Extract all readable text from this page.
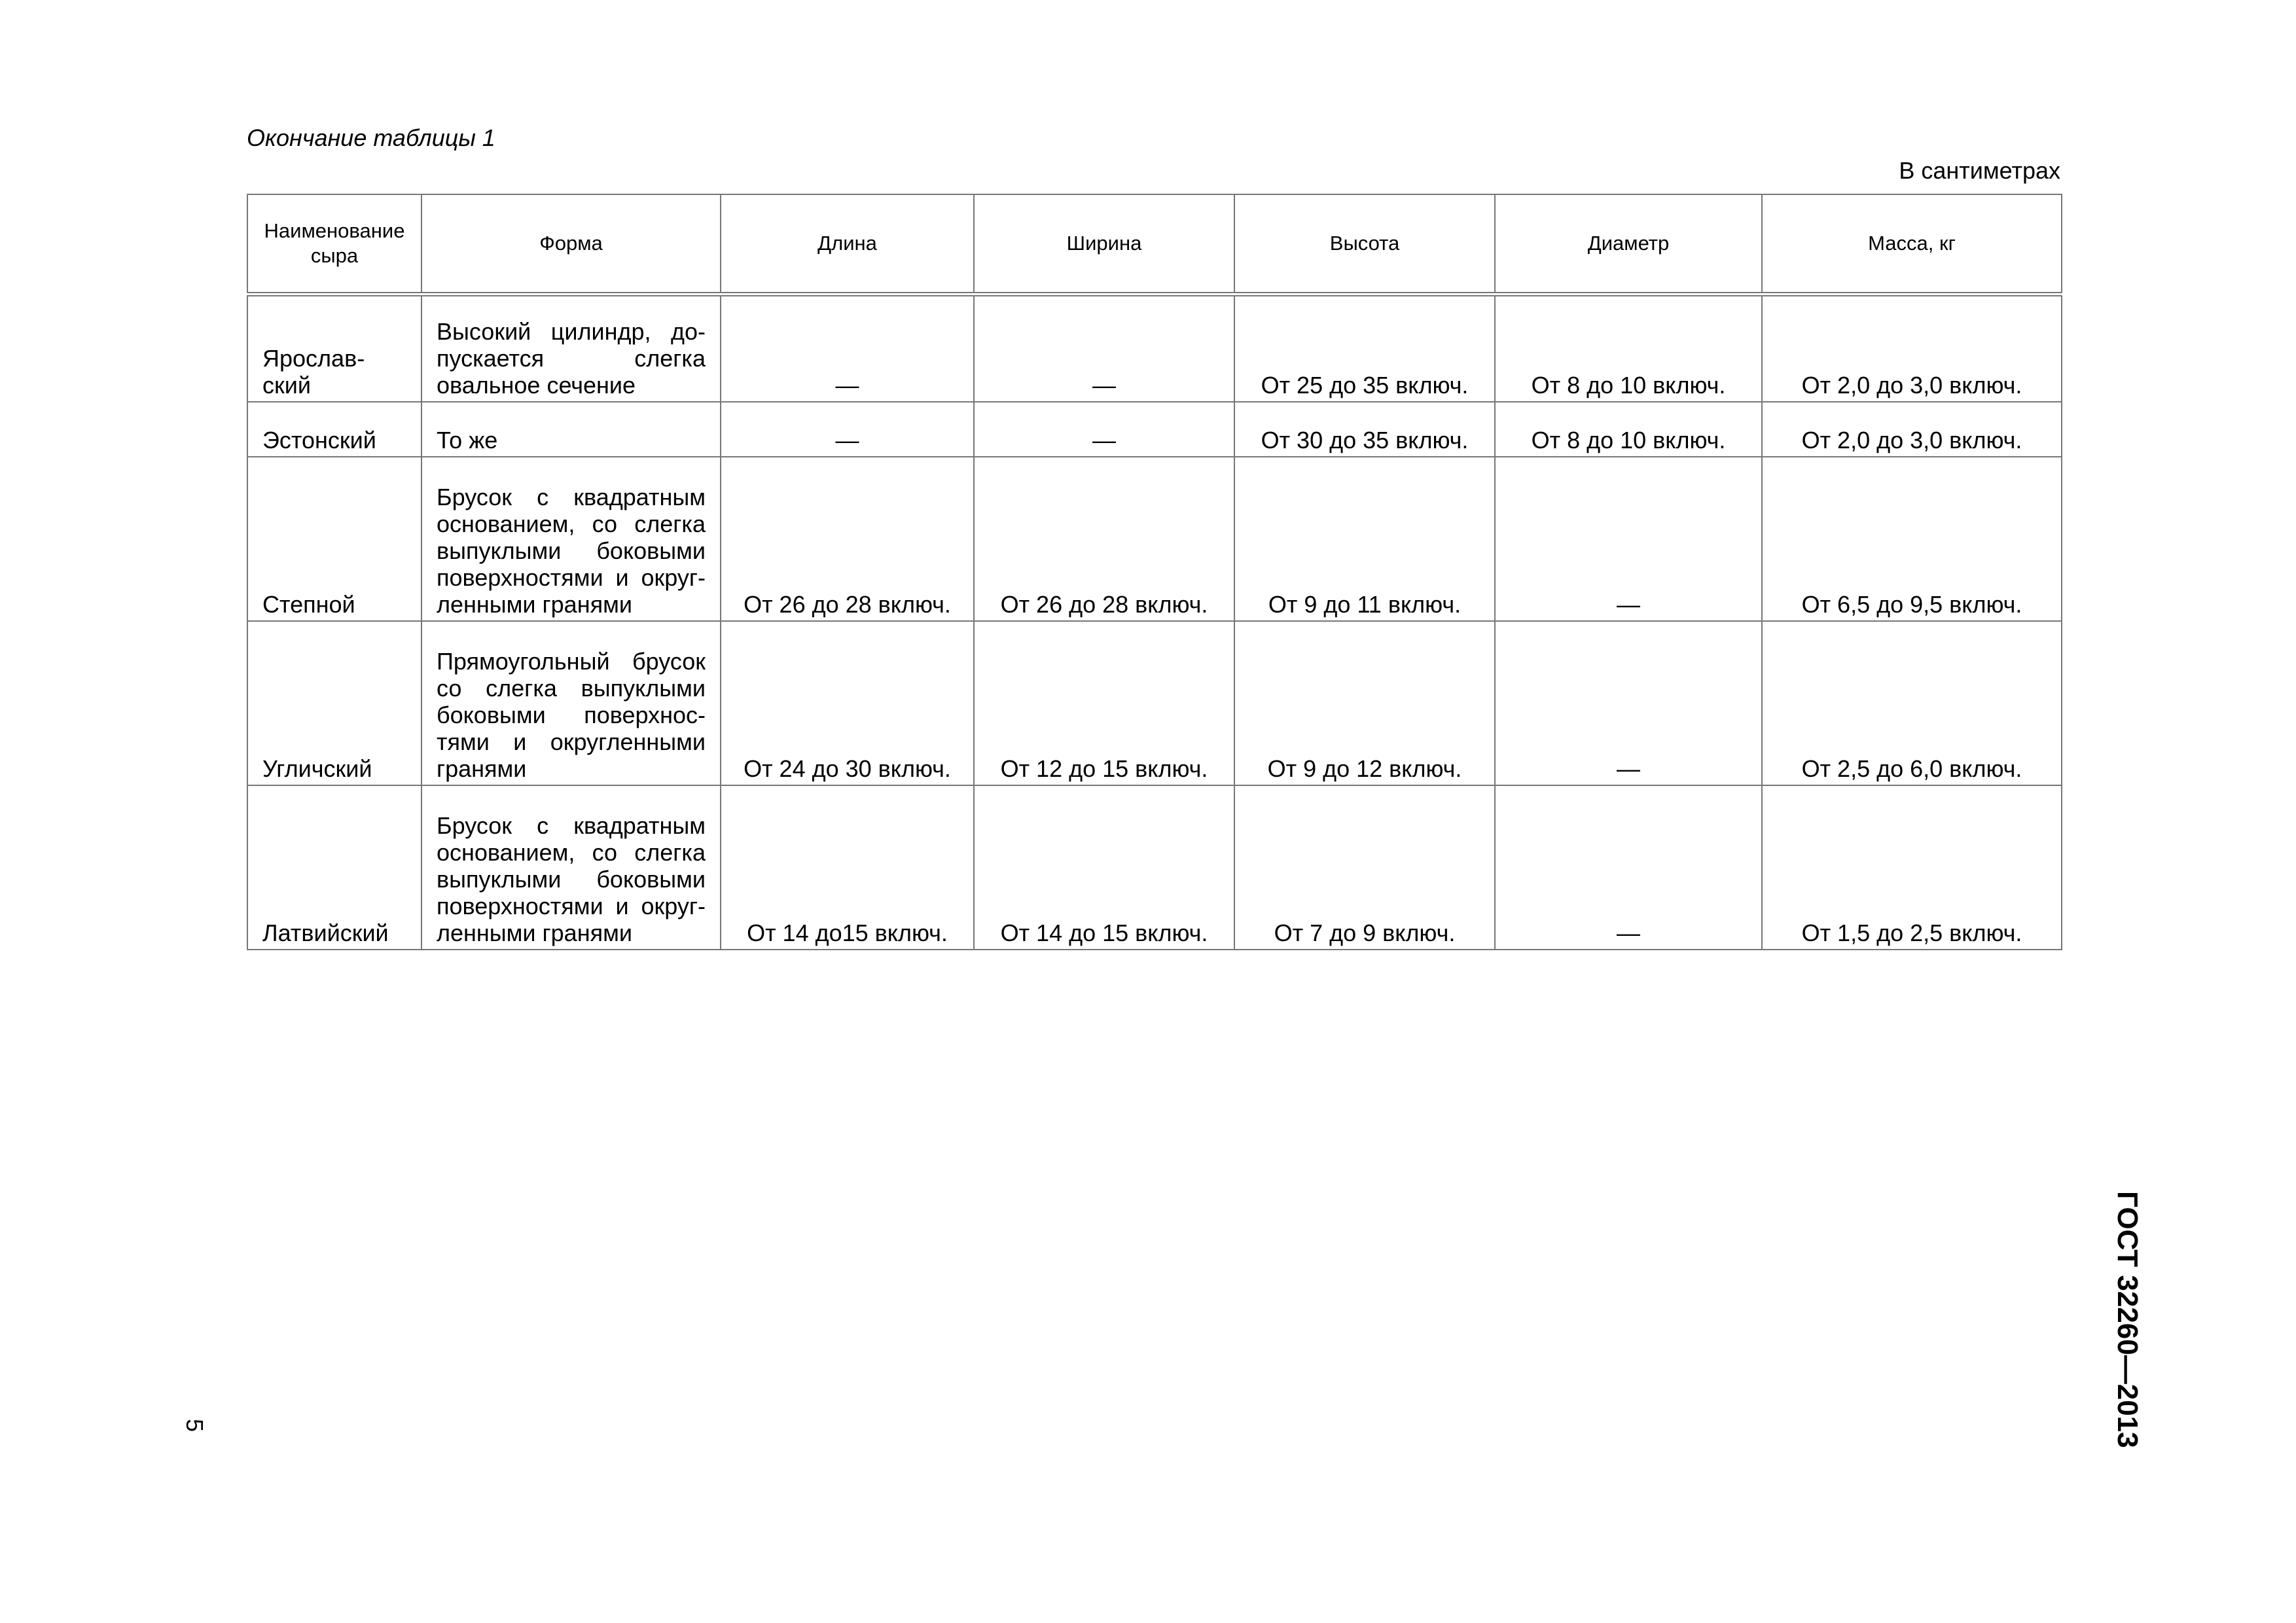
Окончание таблицы 1
В сантиметрах
Наименование сыра	Форма	Длина	Ширина	Высота	Диаметр	Масса, кг

Ярослав-
ский	Высокий цилиндр, до-
пускается слегка
овальное сечение	—	—	От 25 до 35 включ.	От 8 до 10 включ.	От 2,0 до 3,0 включ.

Эстонский	То же	—	—	От 30 до 35 включ.	От 8 до 10 включ.	От 2,0 до 3,0 включ.

Степной	Брусок с квадратным
основанием, со слегка
выпуклыми боковыми
поверхностями и округ-
ленными гранями	От 26 до 28 включ.	От 26 до 28 включ.	От 9 до 11 включ.	—	От 6,5 до 9,5 включ.

Угличский	Прямоугольный брусок
со слегка выпуклыми
боковыми поверхнос-
тями и округленными
гранями	От 24 до 30 включ.	От 12 до 15 включ.	От 9 до 12 включ.	—	От 2,5 до 6,0 включ.

Латвийский	Брусок с квадратным
основанием, со слегка
выпуклыми боковыми
поверхностями и округ-
ленными гранями	От 14 до15 включ.	От 14 до 15 включ.	От 7 до 9 включ.	—	От 1,5 до 2,5 включ.
ГОСТ 32260—2013
5
